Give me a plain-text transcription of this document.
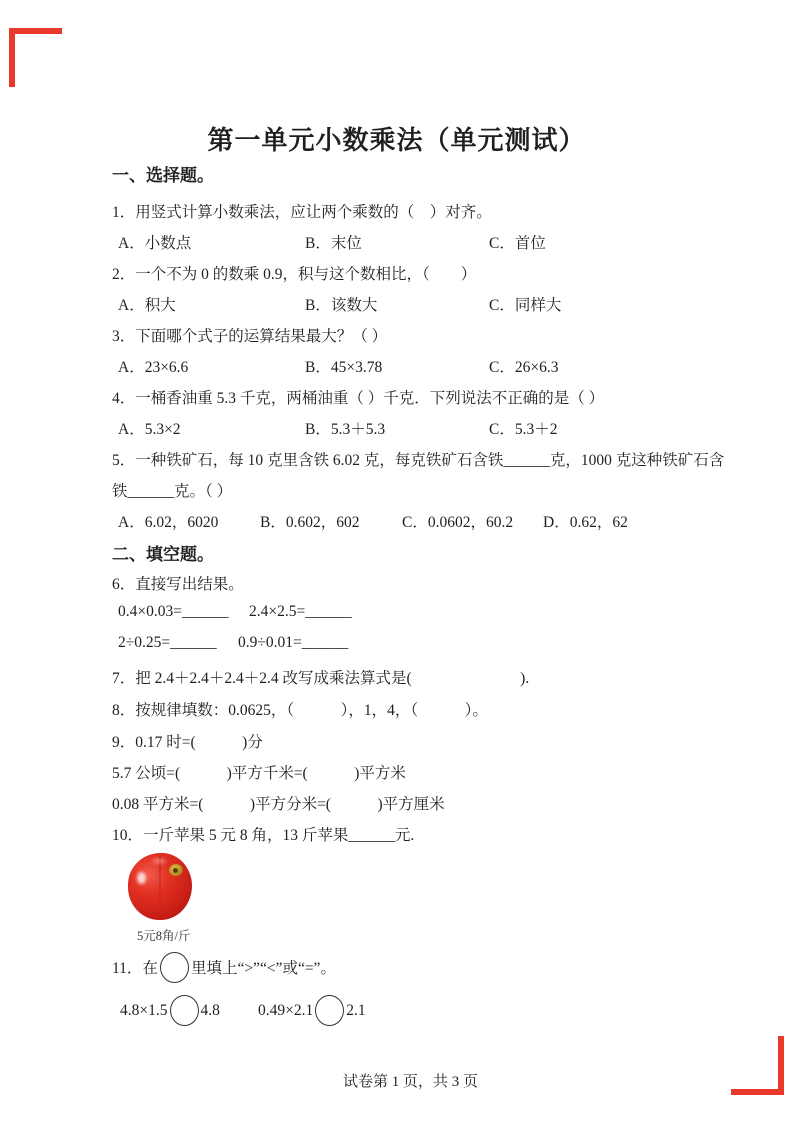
第一单元小数乘法（单元测试）
一、选择题。
1．用竖式计算小数乘法，应让两个乘数的（　）对齐。
A．小数点	B．末位	C．首位
2．一个不为 0 的数乘 0.9，积与这个数相比，（　　）
A．积大	B．该数大	C．同样大
3．下面哪个式子的运算结果最大？（ ）
A．23×6.6	B．45×3.78	C．26×6.3
4．一桶香油重 5.3 千克，两桶油重（ ）千克．下列说法不正确的是（ ）
A．5.3×2	B．5.3＋5.3	C．5.3＋2
5．一种铁矿石，每 10 克里含铁 6.02 克，每克铁矿石含铁______克，1000 克这种铁矿石含
铁______克。（ ）
A．6.02，6020	B．0.602，602	C．0.0602，60.2 D．0.62，62
二、填空题。
6．直接写出结果。
0.4×0.03=______ 2.4×2.5=______
2÷0.25=______ 0.9÷0.01=______
7．把 2.4＋2.4＋2.4＋2.4 改写成乘法算式是(　　　　　　　).
8．按规律填数：0.0625，（　　　），1，4，（　　　）。
9．0.17 时=(　　　)分
5.7 公顷=(　　　)平方千米=(　　　)平方米
0.08 平方米=(　　　)平方分米=(　　　)平方厘米
10．一斤苹果 5 元 8 角，13 斤苹果______元.
5元8角/斤
11．在 里填上“>”“<”或“=”。
4.8×1.5 4.8 0.49×2.1 2.1
试卷第 1 页，共 3 页
